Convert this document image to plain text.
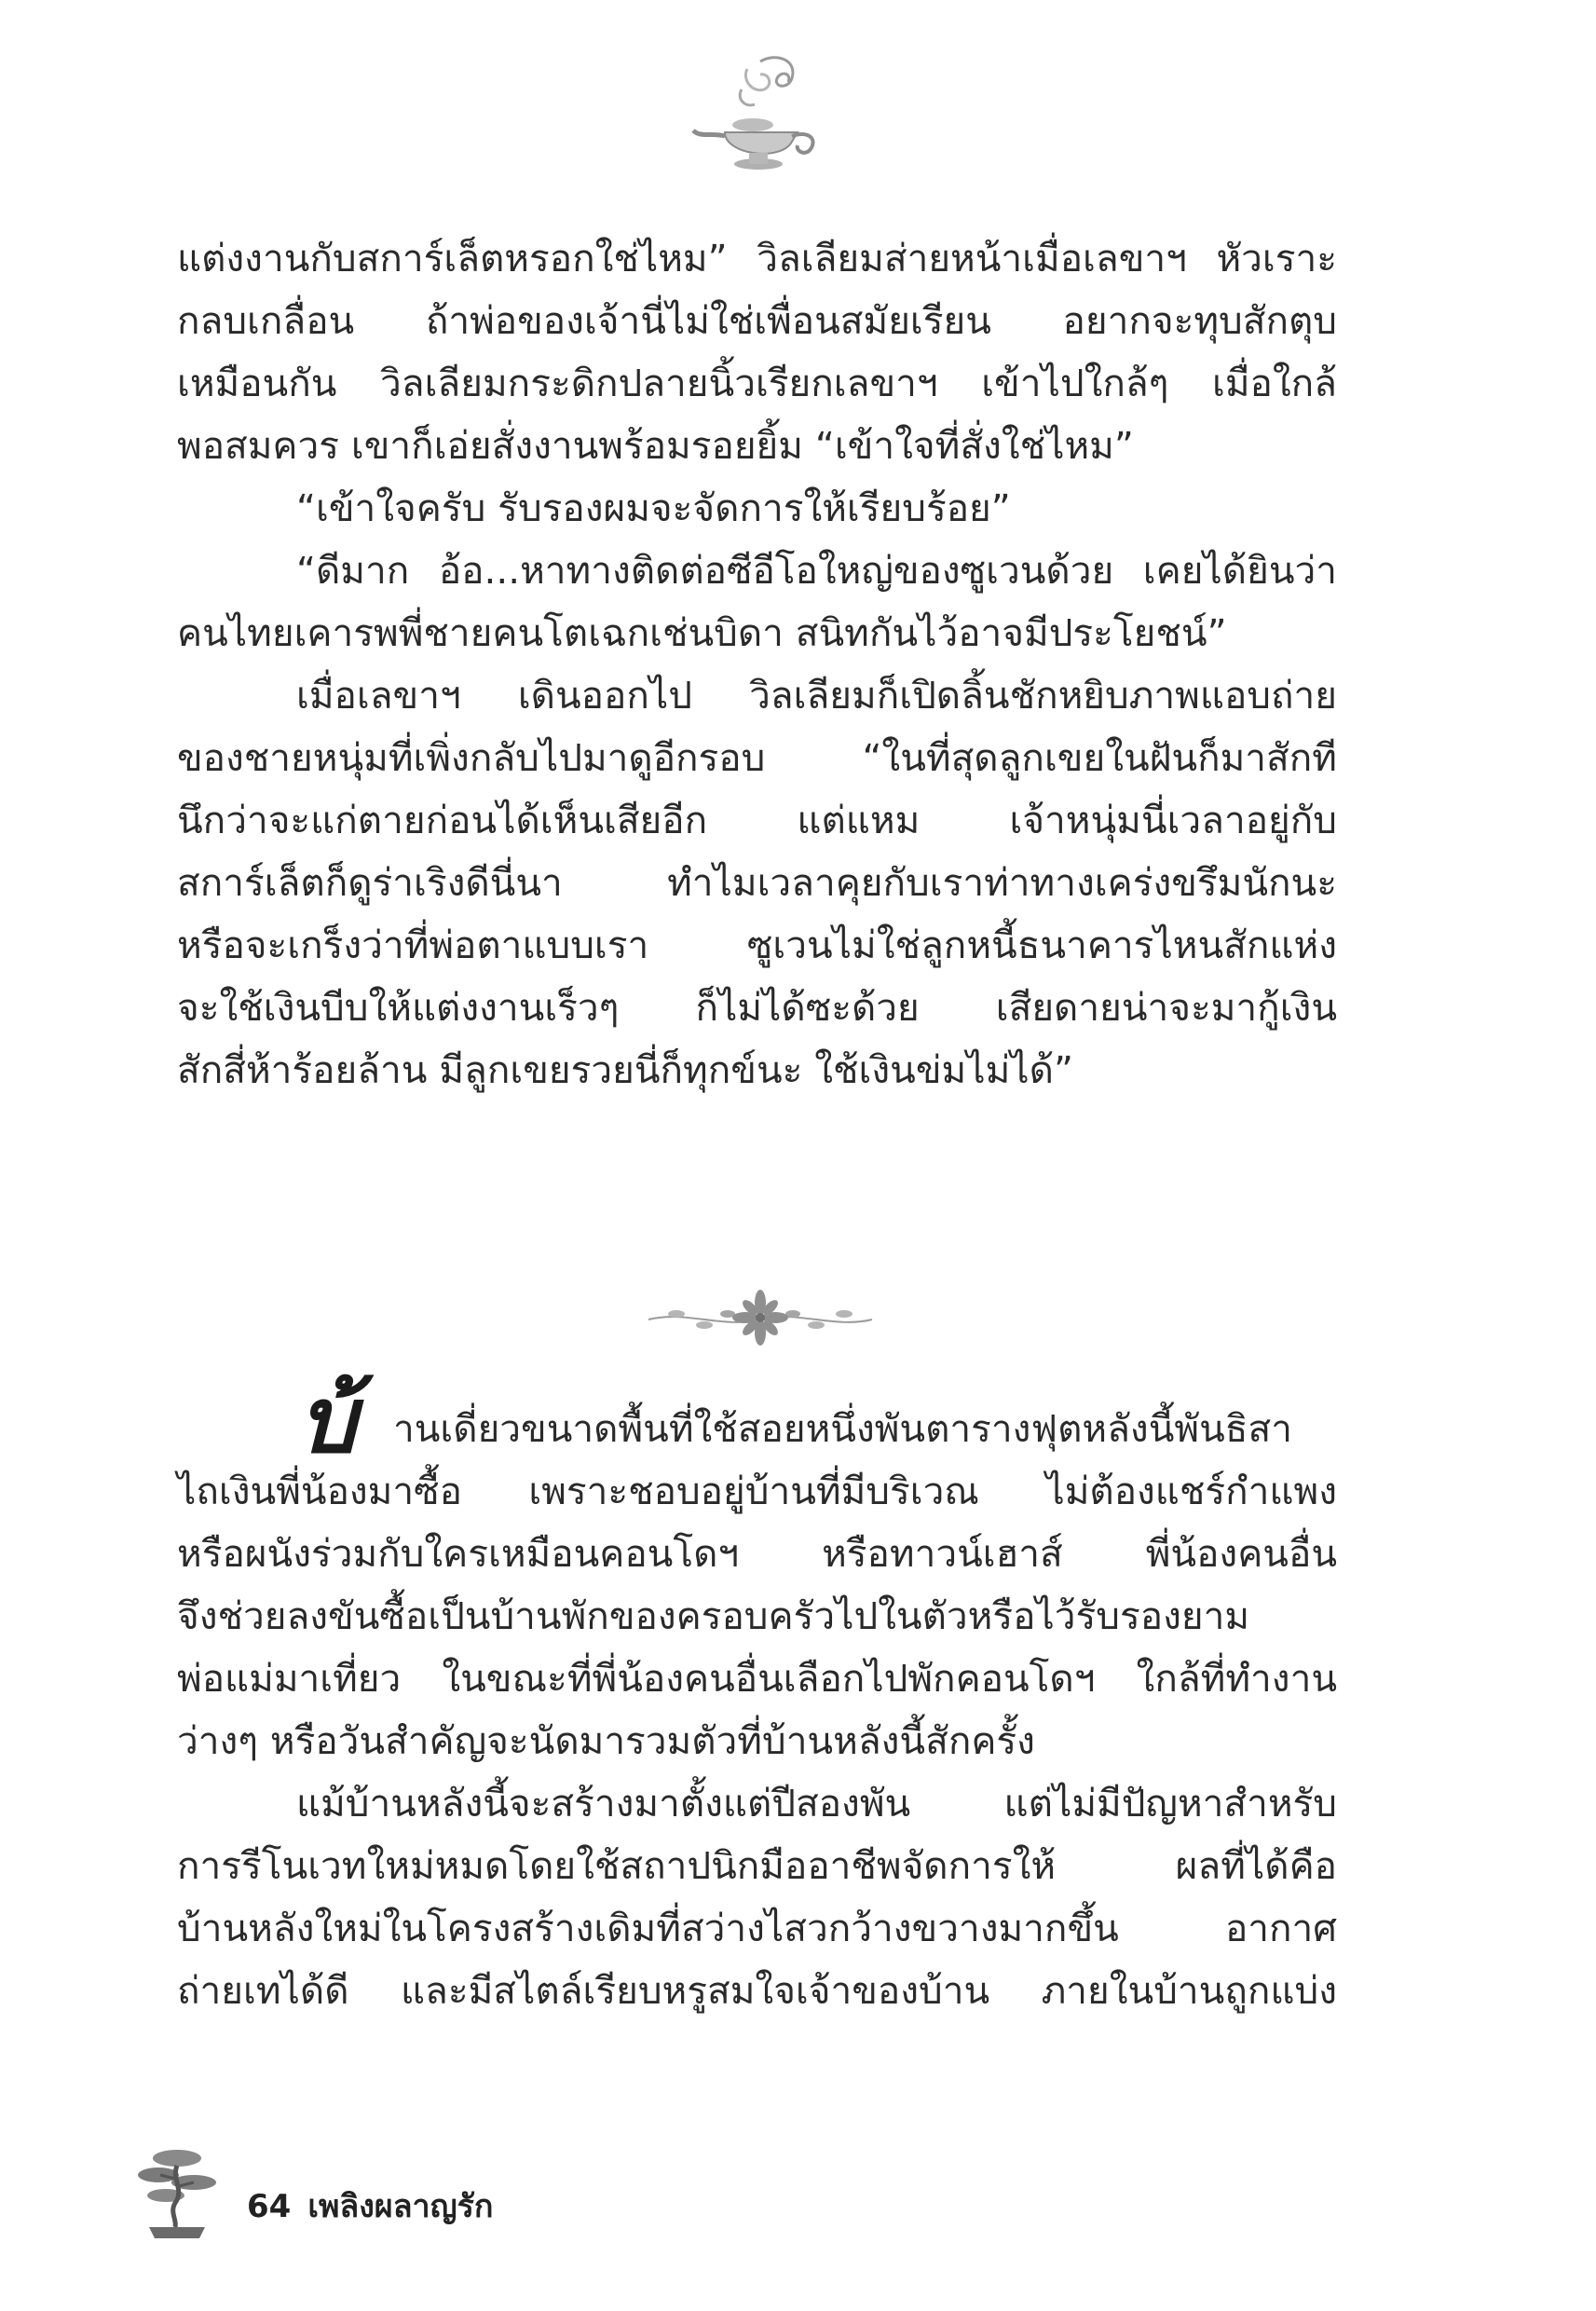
แต่งงานกับสการ์เล็ตหรอกใช่ไหม” วิลเลียมส่ายหน้าเมื่อเลขาฯ หัวเราะ
กลบเกลื่อน ถ้าพ่อของเจ้านี่ไม่ใช่เพื่อนสมัยเรียน อยากจะทุบสักตุบ
เหมือนกัน วิลเลียมกระดิกปลายนิ้วเรียกเลขาฯ เข้าไปใกล้ๆ เมื่อใกล้
พอสมควร เขาก็เอ่ยสั่งงานพร้อมรอยยิ้ม “เข้าใจที่สั่งใช่ไหม”
“เข้าใจครับ รับรองผมจะจัดการให้เรียบร้อย”
“ดีมาก อ้อ...หาทางติดต่อซีอีโอใหญ่ของซูเวนด้วย เคยได้ยินว่า
คนไทยเคารพพี่ชายคนโตเฉกเช่นบิดา สนิทกันไว้อาจมีประโยชน์”
เมื่อเลขาฯ เดินออกไป วิลเลียมก็เปิดลิ้นชักหยิบภาพแอบถ่าย
ของชายหนุ่มที่เพิ่งกลับไปมาดูอีกรอบ “ในที่สุดลูกเขยในฝันก็มาสักที
นึกว่าจะแก่ตายก่อนได้เห็นเสียอีก แต่แหม เจ้าหนุ่มนี่เวลาอยู่กับ
สการ์เล็ตก็ดูร่าเริงดีนี่นา ทำไมเวลาคุยกับเราท่าทางเคร่งขรึมนักนะ
หรือจะเกร็งว่าที่พ่อตาแบบเรา ซูเวนไม่ใช่ลูกหนี้ธนาคารไหนสักแห่ง
จะใช้เงินบีบให้แต่งงานเร็วๆ ก็ไม่ได้ซะด้วย เสียดายน่าจะมากู้เงิน
สักสี่ห้าร้อยล้าน มีลูกเขยรวยนี่ก็ทุกข์นะ ใช้เงินข่มไม่ได้”
บ้ านเดี่ยวขนาดพื้นที่ใช้สอยหนึ่งพันตารางฟุตหลังนี้พันธิสา
ไถเงินพี่น้องมาซื้อ เพราะชอบอยู่บ้านที่มีบริเวณ ไม่ต้องแชร์กำแพง
หรือผนังร่วมกับใครเหมือนคอนโดฯ หรือทาวน์เฮาส์ พี่น้องคนอื่น
จึงช่วยลงขันซื้อเป็นบ้านพักของครอบครัวไปในตัวหรือไว้รับรองยาม
พ่อแม่มาเที่ยว ในขณะที่พี่น้องคนอื่นเลือกไปพักคอนโดฯ ใกล้ที่ทำงาน
ว่างๆ หรือวันสำคัญจะนัดมารวมตัวที่บ้านหลังนี้สักครั้ง
แม้บ้านหลังนี้จะสร้างมาตั้งแต่ปีสองพัน แต่ไม่มีปัญหาสำหรับ
การรีโนเวทใหม่หมดโดยใช้สถาปนิกมืออาชีพจัดการให้ ผลที่ได้คือ
บ้านหลังใหม่ในโครงสร้างเดิมที่สว่างไสวกว้างขวางมากขึ้น อากาศ
ถ่ายเทได้ดี และมีสไตล์เรียบหรูสมใจเจ้าของบ้าน ภายในบ้านถูกแบ่ง
64 เพลิงผลาญรัก
